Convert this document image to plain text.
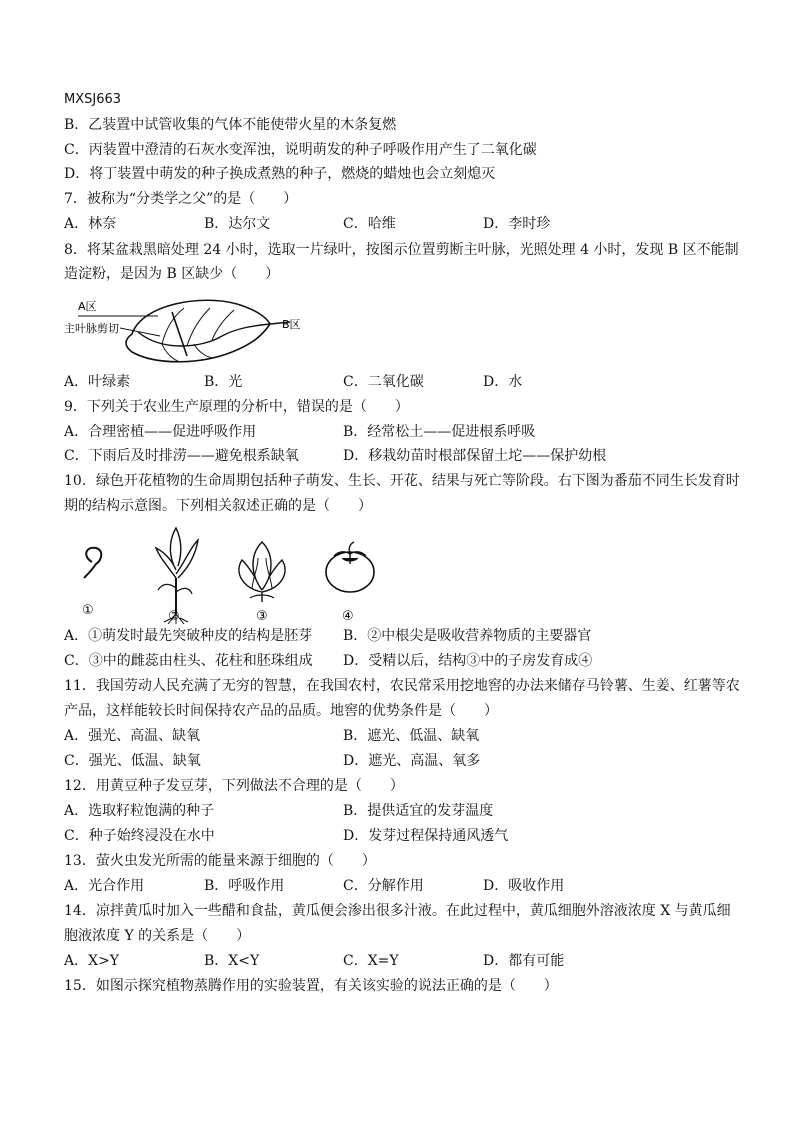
MXSJ663
B．乙装置中试管收集的气体不能使带火星的木条复燃
C．丙装置中澄清的石灰水变浑浊，说明萌发的种子呼吸作用产生了二氧化碳
D．将丁装置中萌发的种子换成煮熟的种子，燃烧的蜡烛也会立刻熄灭
7．被称为“分类学之父”的是（　　）
A．林奈	B．达尔文	C．哈维	D．李时珍
8．将某盆栽黑暗处理 24 小时，选取一片绿叶，按图示位置剪断主叶脉，光照处理 4 小时，发现 B 区不能制
造淀粉，是因为 B 区缺少（　　）
A区
主叶脉剪切	B区
A．叶绿素	B．光	C．二氧化碳	D．水
9．下列关于农业生产原理的分析中，错误的是（　　）
A．合理密植——促进呼吸作用	B．经常松土——促进根系呼吸
C．下雨后及时排涝——避免根系缺氧	D．移栽幼苗时根部保留土坨——保护幼根
10．绿色开花植物的生命周期包括种子萌发、生长、开花、结果与死亡等阶段。右下图为番茄不同生长发育时
期的结构示意图。下列相关叙述正确的是（　　）
①	②	③	④
A．①萌发时最先突破种皮的结构是胚芽 B．②中根尖是吸收营养物质的主要器官
C．③中的雌蕊由柱头、花柱和胚珠组成 D．受精以后，结构③中的子房发育成④
11．我国劳动人民充满了无穷的智慧，在我国农村，农民常采用挖地窖的办法来储存马铃薯、生姜、红薯等农
产品，这样能较长时间保持农产品的品质。地窖的优势条件是（　　）
A．强光、高温、缺氧	B．遮光、低温、缺氧
C．强光、低温、缺氧	D．遮光、高温、氧多
12．用黄豆种子发豆芽，下列做法不合理的是（　　）
A．选取籽粒饱满的种子	B．提供适宜的发芽温度
C．种子始终浸没在水中	D．发芽过程保持通风透气
13．萤火虫发光所需的能量来源于细胞的（　　）
A．光合作用	B．呼吸作用	C．分解作用	D．吸收作用
14．凉拌黄瓜时加入一些醋和食盐，黄瓜便会渗出很多汁液。在此过程中，黄瓜细胞外溶液浓度 X 与黄瓜细
胞液浓度 Y 的关系是（　　）
A．X>Y	B．X<Y	C．X=Y	D．都有可能
15．如图示探究植物蒸腾作用的实验装置，有关该实验的说法正确的是（　　）
